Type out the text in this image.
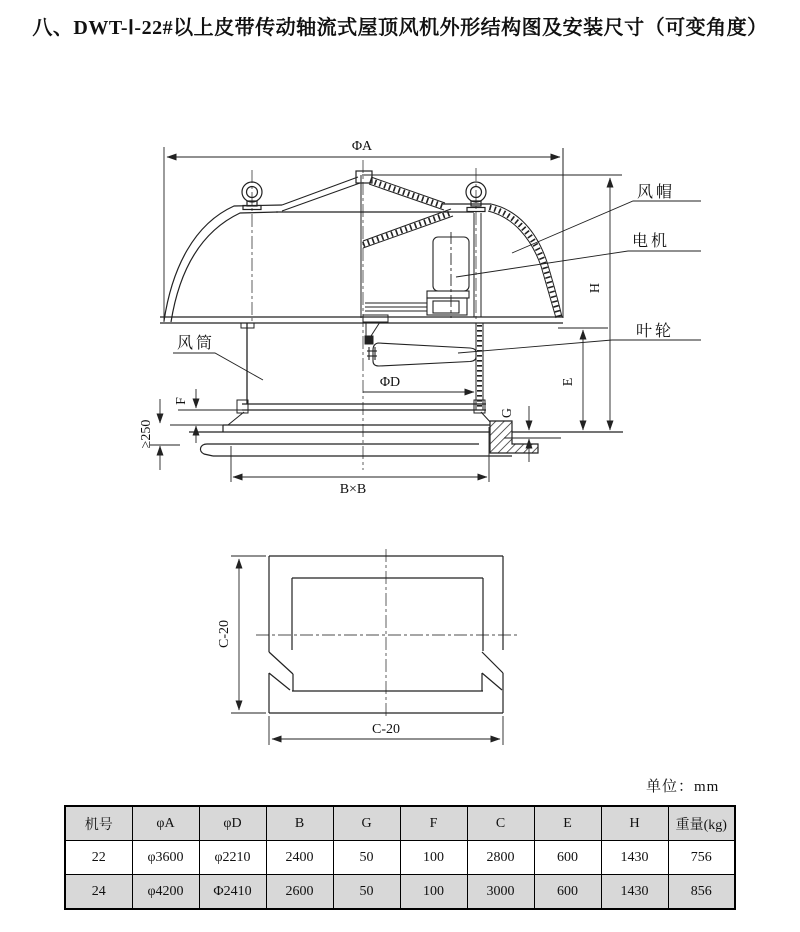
八、DWT-Ⅰ-22#以上皮带传动轴流式屋顶风机外形结构图及安装尺寸（可变角度）
ΦA
ΦD
H
E
F
G
≥250
B×B
风帽
电机
叶轮
风筒
C-20
C-20
单位：mm
机号	φA	φD	B	G	F	C	E	H	重量(kg)
22	φ3600	φ2210	2400	50	100	2800	600	1430	756
24	φ4200	Φ2410	2600	50	100	3000	600	1430	856
